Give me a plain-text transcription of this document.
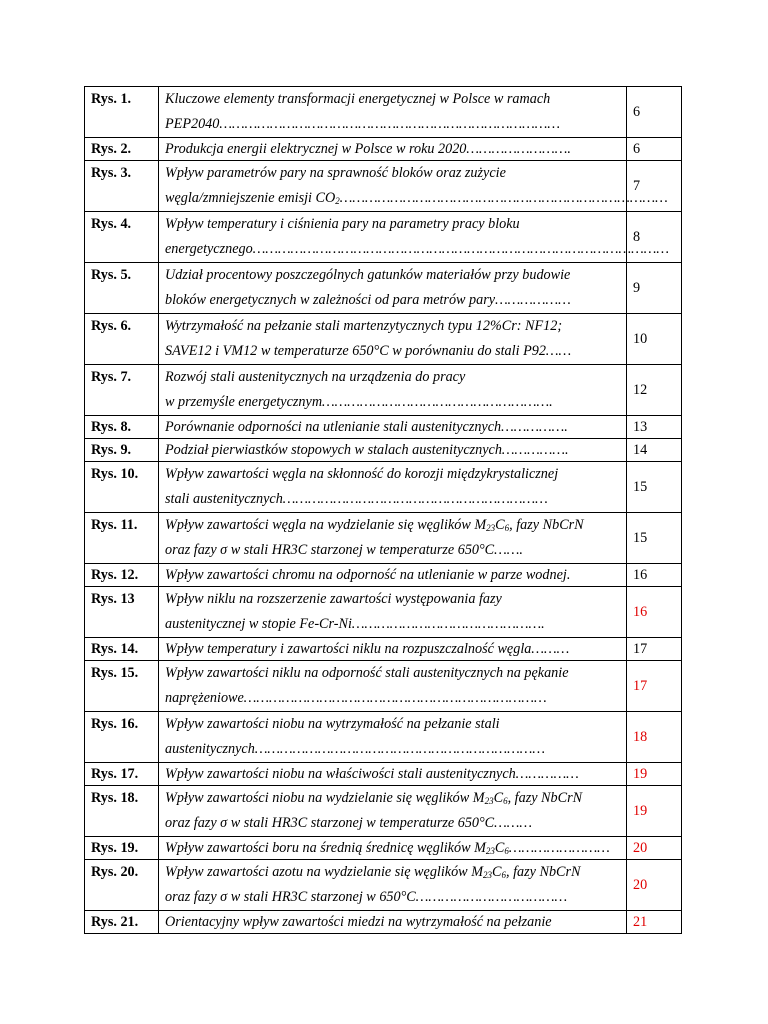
Rys. 1.	Kluczowe elementy transformacji energetycznej w Polsce w ramach
PEP2040………………………………………………………………………	6
Rys. 2.	Produkcja energii elektrycznej w Polsce w roku 2020…………………….	6
Rys. 3.	Wpływ parametrów pary na sprawność bloków oraz zużycie
węgla/zmniejszenie emisji $CO_2\dots\dots\dots\dots\dots\dots\dots\dots\dots\dots\dots\dots\dots\dots\dots\dots\dots\dots\dots\dots\dots\dots\dots\dots\dots\dots$	7
Rys. 4.	Wpływ temperatury i ciśnienia pary na parametry pracy bloku
energetycznego………………………………………………………………………………………	8
Rys. 5.	Udział procentowy poszczególnych gatunków materiałów przy budowie
bloków energetycznych w zależności od para metrów pary………………	9
Rys. 6.	Wytrzymałość na pełzanie stali martenzytycznych typu 12%Cr: NF12;
SAVE12 i VM12 w temperaturze 650°C w porównaniu do stali P92……	10
Rys. 7.	Rozwój stali austenitycznych na urządzenia do pracy
w przemyśle energetycznym……………………………………………….	12
Rys. 8.	Porównanie odporności na utlenianie stali austenitycznych…………….	13
Rys. 9.	Podział pierwiastków stopowych w stalach austenitycznych…………….	14
Rys. 10.	Wpływ zawartości węgla na skłonność do korozji międzykrystalicznej
stali austenitycznych………………………………………………………	15
Rys. 11.	Wpływ zawartości węgla na wydzielanie się węglików $M_{23}C_6$, fazy NbCrN
oraz fazy σ w stali HR3C starzonej w temperaturze 650°C…….	15
Rys. 12.	Wpływ zawartości chromu na odporność na utlenianie w parze wodnej.	16
Rys. 13	Wpływ niklu na rozszerzenie zawartości występowania fazy
austenitycznej w stopie Fe-Cr-Ni……………………………………….	16
Rys. 14.	Wpływ temperatury i zawartości niklu na rozpuszczalność węgla………	17
Rys. 15.	Wpływ zawartości niklu na odporność stali austenitycznych na pękanie
naprężeniowe………………………………………………………………	17
Rys. 16.	Wpływ zawartości niobu na wytrzymałość na pełzanie stali
austenitycznych……………………………………………………………	18
Rys. 17.	Wpływ zawartości niobu na właściwości stali austenitycznych……………	19
Rys. 18.	Wpływ zawartości niobu na wydzielanie się węglików $M_{23}C_6$, fazy NbCrN
oraz fazy σ w stali HR3C starzonej w temperaturze 650°C………	19
Rys. 19.	Wpływ zawartości boru na średnią średnicę węglików $M_{23}C_6\dots\dots\dots\dots\dots\dots\dots\dots$	20
Rys. 20.	Wpływ zawartości azotu na wydzielanie się węglików $M_{23}C_6$, fazy NbCrN
oraz fazy σ w stali HR3C starzonej w 650°C………………………………	20
Rys. 21.	Orientacyjny wpływ zawartości miedzi na wytrzymałość na pełzanie	21
